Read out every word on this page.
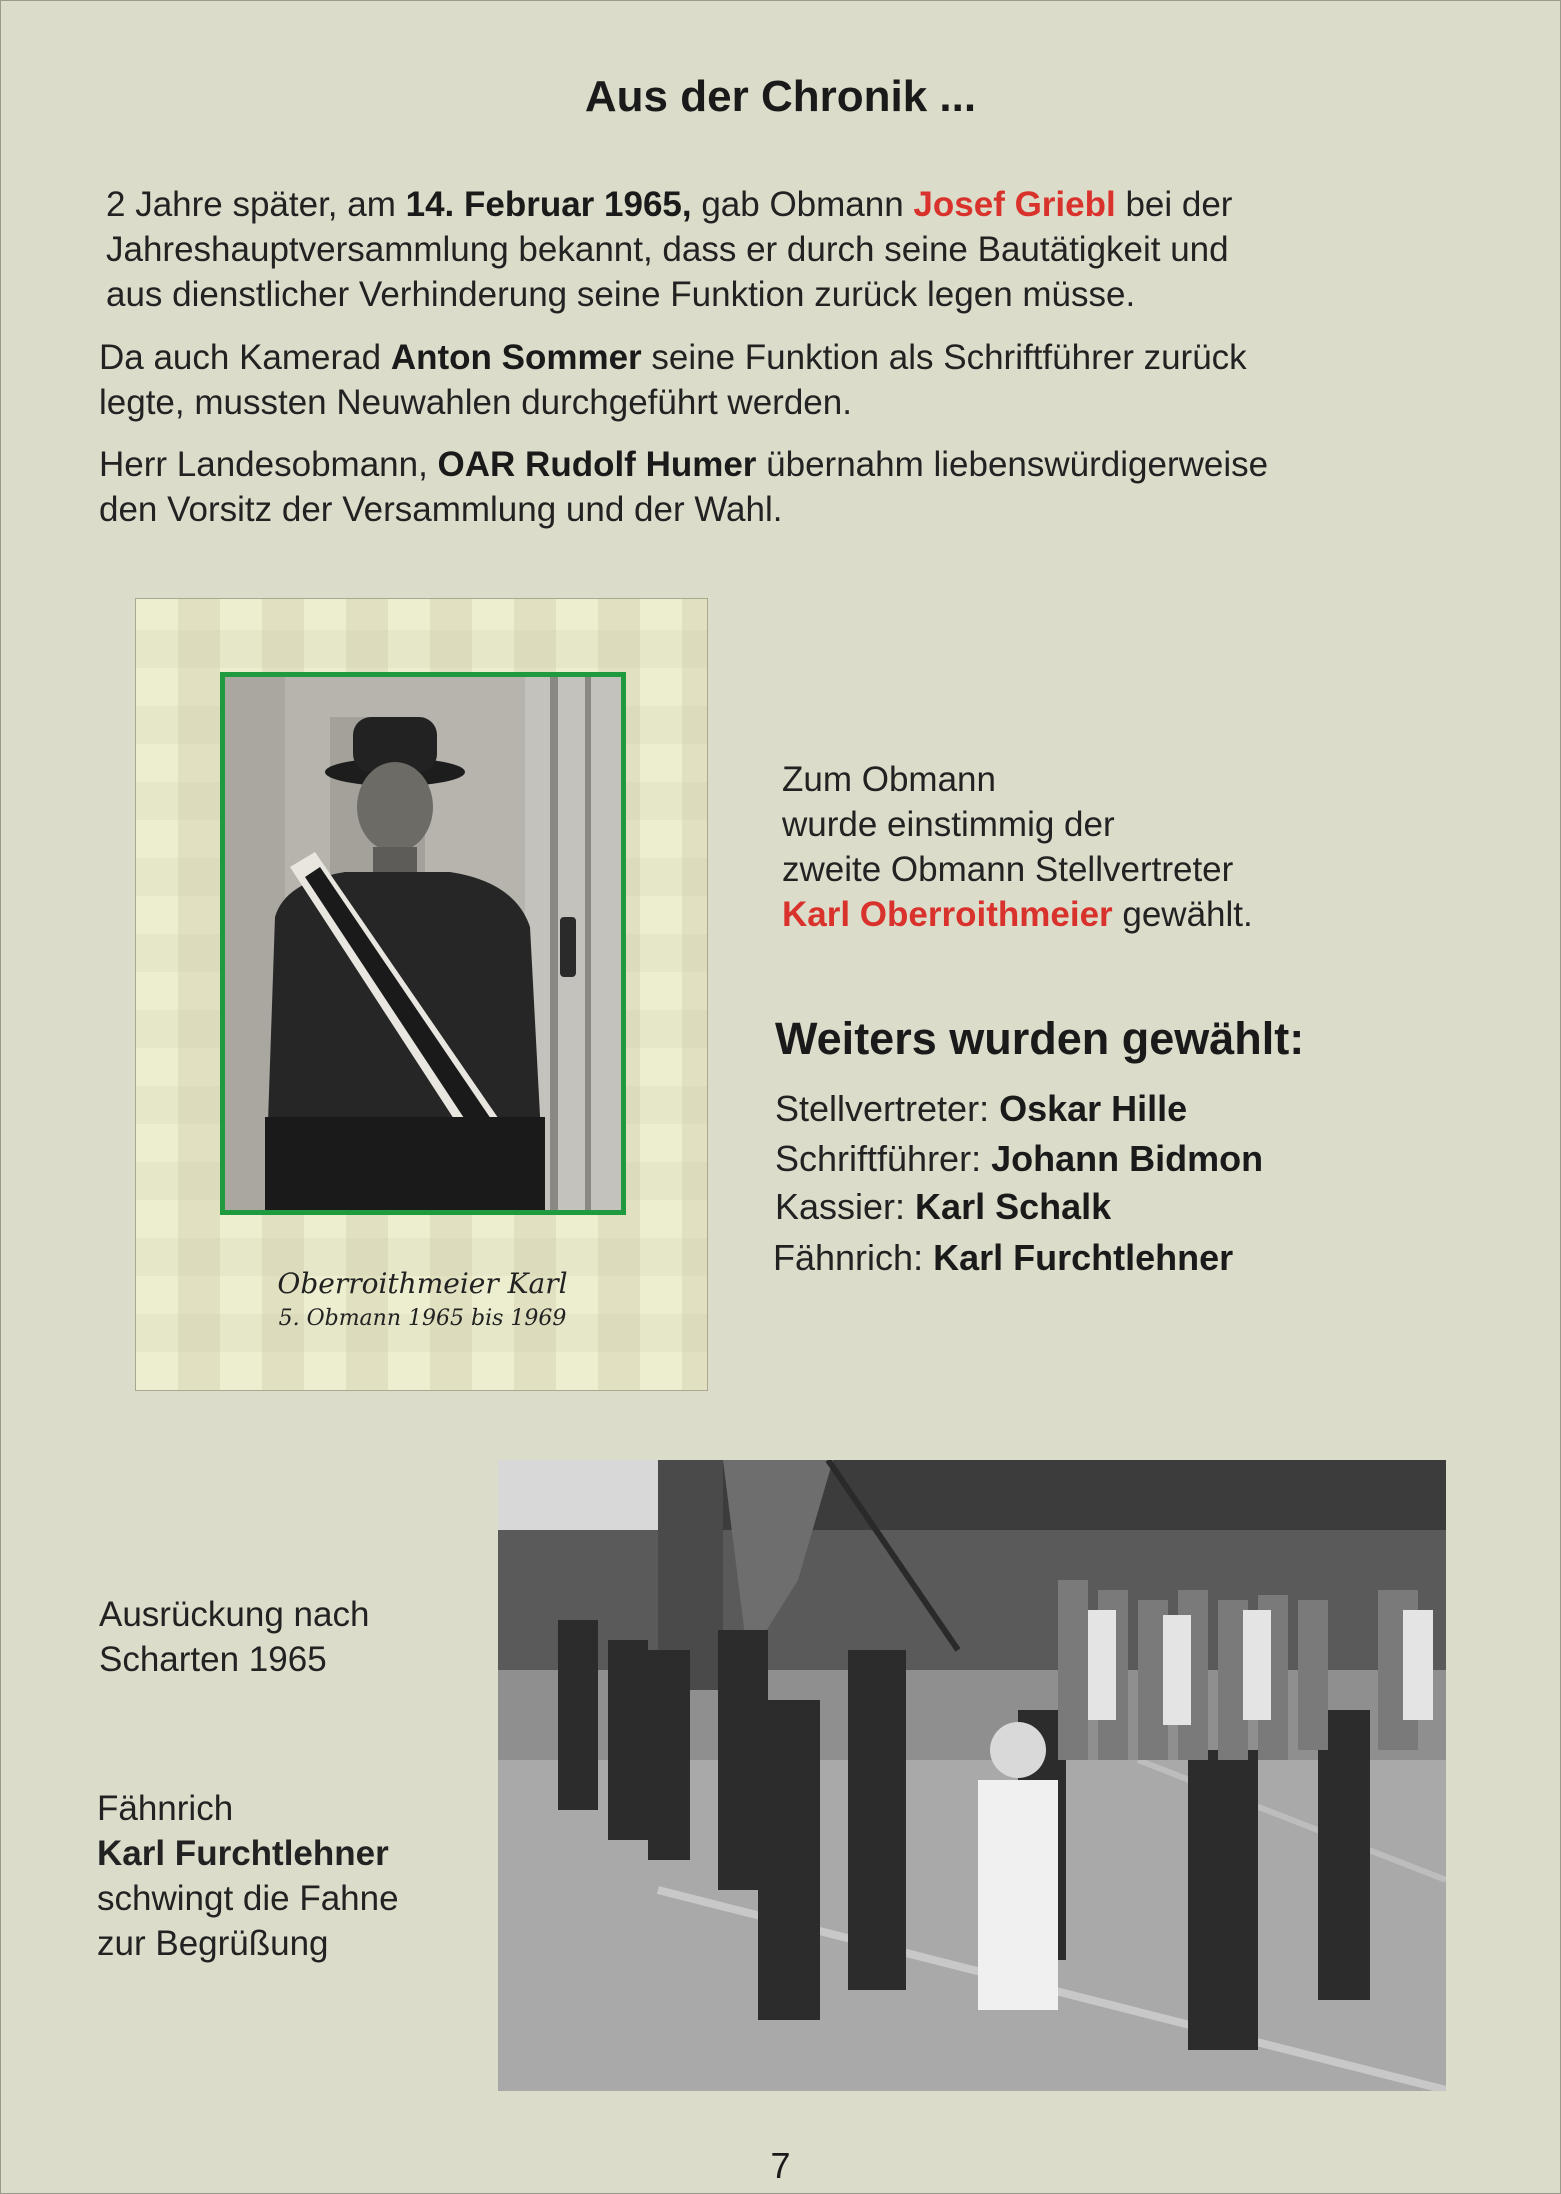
Aus der Chronik ...
2 Jahre später, am 14. Februar 1965, gab Obmann Josef Griebl bei der
Jahreshauptversammlung bekannt, dass er durch seine Bautätigkeit und
aus dienstlicher Verhinderung seine Funktion zurück legen müsse.
Da auch Kamerad Anton Sommer seine Funktion als Schriftführer zurück
legte, mussten Neuwahlen durchgeführt werden.
Herr Landesobmann, OAR Rudolf Humer übernahm liebenswürdigerweise
den Vorsitz der Versammlung und der Wahl.
Oberroithmeier Karl
5. Obmann 1965 bis 1969
Zum Obmann
wurde einstimmig der
zweite Obmann Stellvertreter
Karl Oberroithmeier gewählt.
Weiters wurden gewählt:
Stellvertreter: Oskar Hille
Schriftführer: Johann Bidmon
Kassier: Karl Schalk
Fähnrich: Karl Furchtlehner
Ausrückung nach
Scharten 1965
Fähnrich
Karl Furchtlehner
schwingt die Fahne
zur Begrüßung
7
